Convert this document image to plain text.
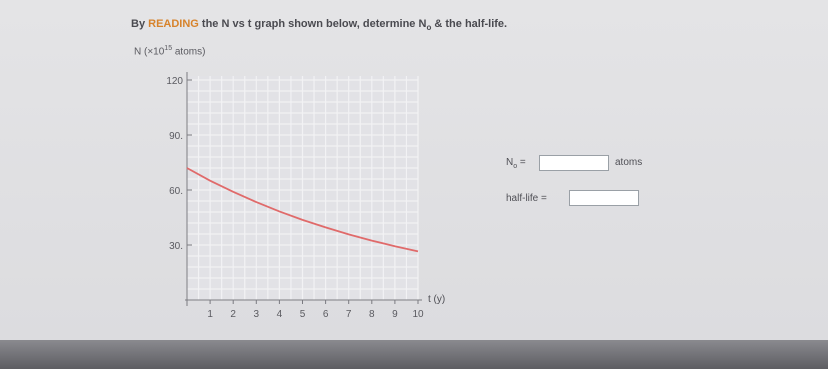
By READING the N vs t graph shown below, determine $N_o$ & the half-life.
N ($\times 10^{15}$ atoms)
30.
60.
90.
120
1 2 3 4 5 6 7 8 9 10
t (y)
$N_o$ =	atoms
half-life =
